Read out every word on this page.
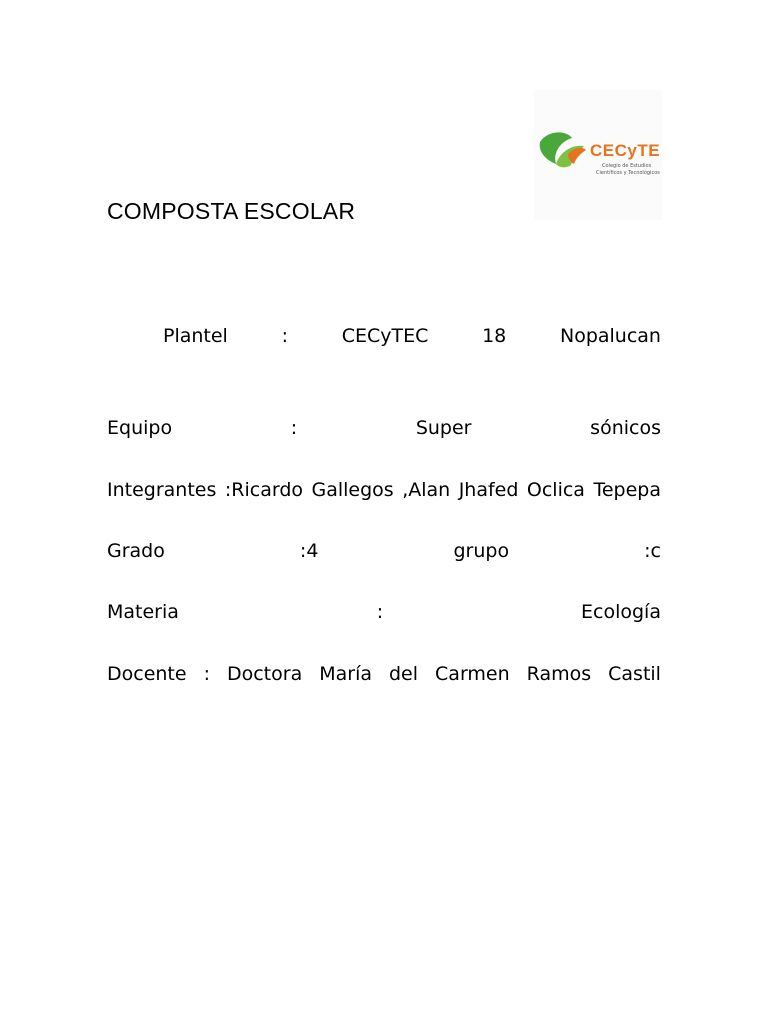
CECyTE
Colegio de Estudios
Científicos y Tecnológicos
COMPOSTA ESCOLAR
Plantel	:	CECyTEC	18	Nopalucan
Equipo	:	Super	sónicos
Integrantes :Ricardo Gallegos ,Alan Jhafed Oclica Tepepa
Grado	:4	grupo	:c
Materia	:	Ecología
Docente : Doctora María del Carmen Ramos Castil
